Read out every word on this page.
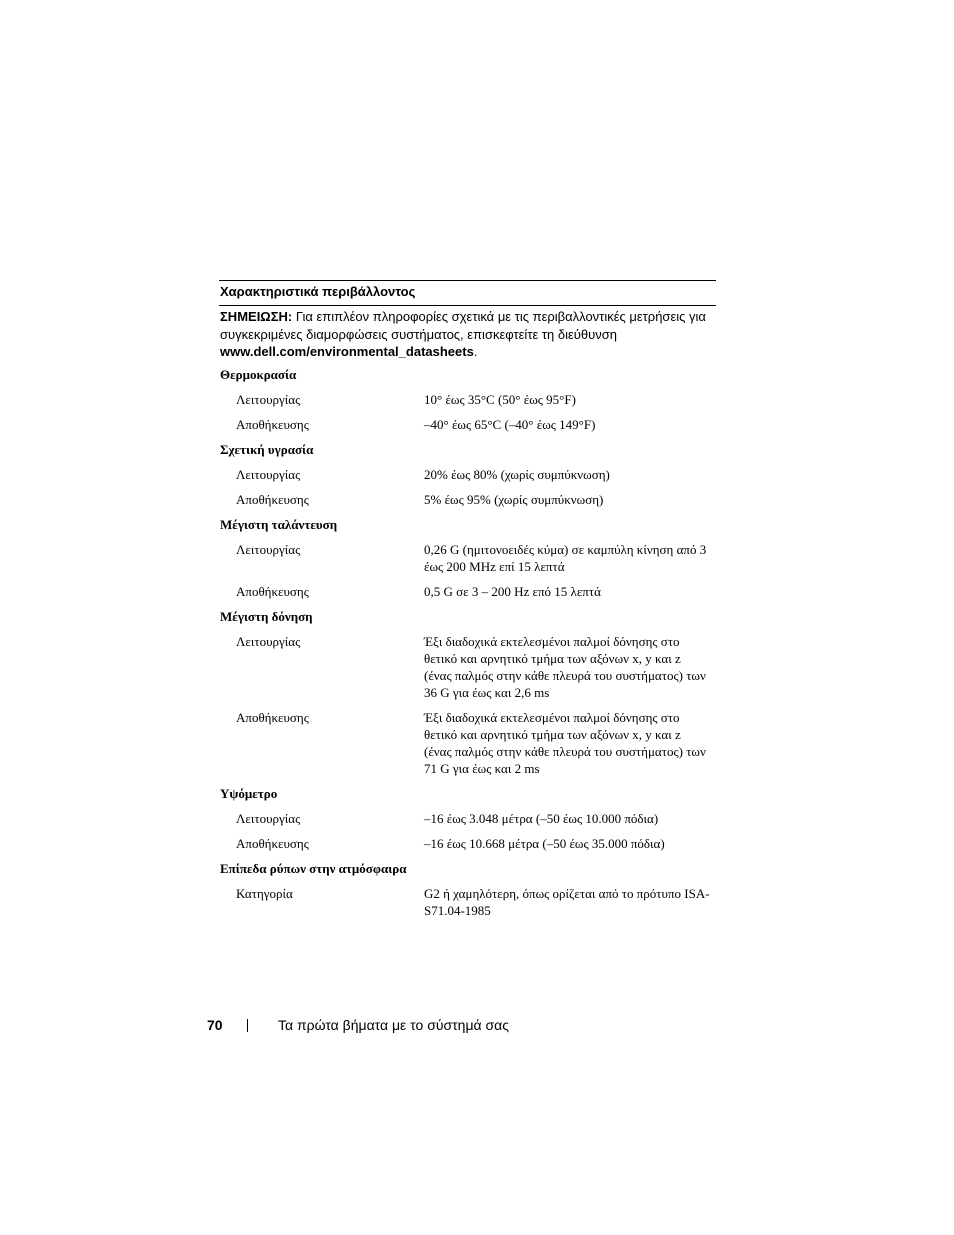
Χαρακτηριστικά περιβάλλοντος
ΣΗΜΕΙΩΣΗ: Για επιπλέον πληροφορίες σχετικά με τις περιβαλλοντικές μετρήσεις για συγκεκριμένες διαμορφώσεις συστήματος, επισκεφτείτε τη διεύθυνση www.dell.com/environmental_datasheets.
Θερμοκρασία
Λειτουργίας	10° έως 35°C (50° έως 95°F)
Αποθήκευσης	–40° έως 65°C (–40° έως 149°F)
Σχετική υγρασία
Λειτουργίας	20% έως 80% (χωρίς συμπύκνωση)
Αποθήκευσης	5% έως 95% (χωρίς συμπύκνωση)
Μέγιστη ταλάντευση
Λειτουργίας	0,26 G (ημιτονοειδές κύμα) σε καμπύλη κίνηση από 3 έως 200 MHz επί 15 λεπτά
Αποθήκευσης	0,5 G σε 3 – 200 Hz επό 15 λεπτά
Μέγιστη δόνηση
Λειτουργίας	Έξι διαδοχικά εκτελεσμένοι παλμοί δόνησης στο θετικό και αρνητικό τμήμα των αξόνων x, y και z (ένας παλμός στην κάθε πλευρά του συστήματος) των 36 G για έως και 2,6 ms
Αποθήκευσης	Έξι διαδοχικά εκτελεσμένοι παλμοί δόνησης στο θετικό και αρνητικό τμήμα των αξόνων x, y και z (ένας παλμός στην κάθε πλευρά του συστήματος) των 71 G για έως και 2 ms
Υψόμετρο
Λειτουργίας	–16 έως 3.048 μέτρα (–50 έως 10.000 πόδια)
Αποθήκευσης	–16 έως 10.668 μέτρα (–50 έως 35.000 πόδια)
Επίπεδα ρύπων στην ατμόσφαιρα
Κατηγορία	G2 ή χαμηλότερη, όπως ορίζεται από το πρότυπο ISA-S71.04-1985
70	Τα πρώτα βήματα με το σύστημά σας
